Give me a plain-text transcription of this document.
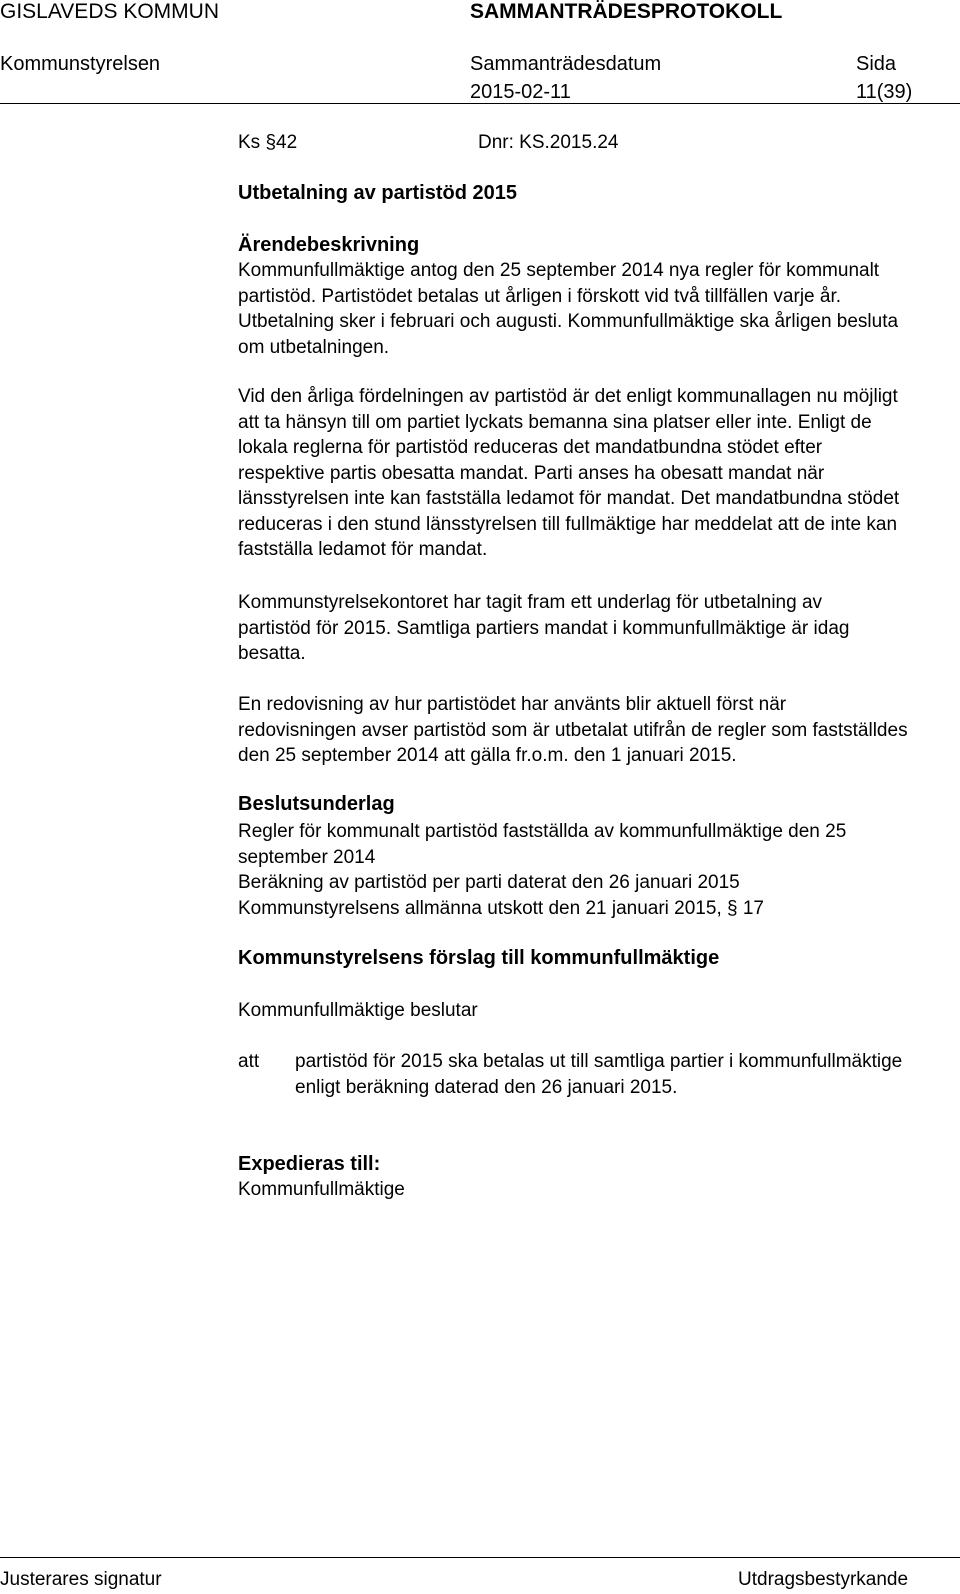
GISLAVEDS KOMMUN	SAMMANTRÄDESPROTOKOLL
Kommunstyrelsen	Sammanträdesdatum
2015-02-11
Sida
11(39)
Ks §42	Dnr: KS.2015.24
Utbetalning av partistöd 2015
Ärendebeskrivning
Kommunfullmäktige antog den 25 september 2014 nya regler för kommunalt
partistöd. Partistödet betalas ut årligen i förskott vid två tillfällen varje år.
Utbetalning sker i februari och augusti. Kommunfullmäktige ska årligen besluta
om utbetalningen.
Vid den årliga fördelningen av partistöd är det enligt kommunallagen nu möjligt
att ta hänsyn till om partiet lyckats bemanna sina platser eller inte. Enligt de
lokala reglerna för partistöd reduceras det mandatbundna stödet efter
respektive partis obesatta mandat. Parti anses ha obesatt mandat när
länsstyrelsen inte kan fastställa ledamot för mandat. Det mandatbundna stödet
reduceras i den stund länsstyrelsen till fullmäktige har meddelat att de inte kan
fastställa ledamot för mandat.
Kommunstyrelsekontoret har tagit fram ett underlag för utbetalning av
partistöd för 2015. Samtliga partiers mandat i kommunfullmäktige är idag
besatta.
En redovisning av hur partistödet har använts blir aktuell först när
redovisningen avser partistöd som är utbetalat utifrån de regler som fastställdes
den 25 september 2014 att gälla fr.o.m. den 1 januari 2015.
Beslutsunderlag
Regler för kommunalt partistöd fastställda av kommunfullmäktige den 25
september 2014
Beräkning av partistöd per parti daterat den 26 januari 2015
Kommunstyrelsens allmänna utskott den 21 januari 2015, § 17
Kommunstyrelsens förslag till kommunfullmäktige
Kommunfullmäktige beslutar
att partistöd för 2015 ska betalas ut till samtliga partier i kommunfullmäktige
enligt beräkning daterad den 26 januari 2015.
Expedieras till:
Kommunfullmäktige
Justerares signatur	Utdragsbestyrkande
